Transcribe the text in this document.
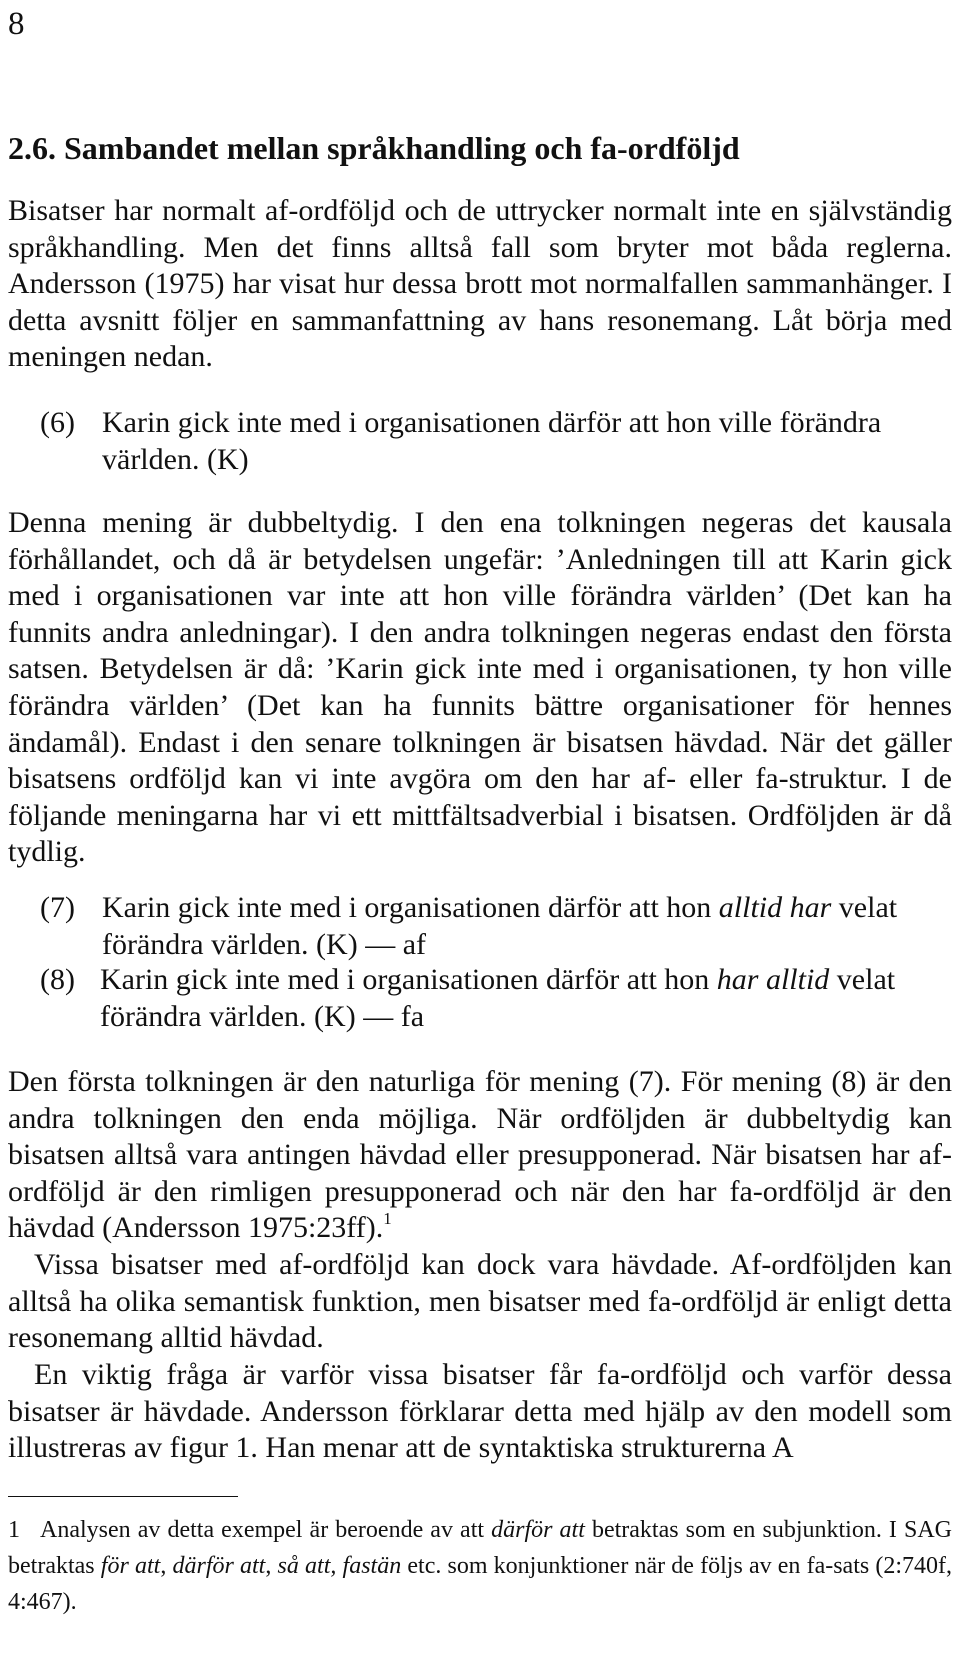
8
2.6. Sambandet mellan språkhandling och fa-ordföljd

Bisatser har normalt af-ordföljd och de uttrycker normalt inte en självständig språkhandling. Men det finns alltså fall som bryter mot båda reglerna. Andersson (1975) har visat hur dessa brott mot normalfallen sammanhänger. I detta avsnitt följer en sammanfattning av hans resonemang. Låt börja med meningen nedan.

(6) Karin gick inte med i organisationen därför att hon ville förändra världen. (K)

Denna mening är dubbeltydig. I den ena tolkningen negeras det kausala förhållandet, och då är betydelsen ungefär: ’Anledningen till att Karin gick med i organisationen var inte att hon ville förändra världen’ (Det kan ha funnits andra anledningar). I den andra tolkningen negeras endast den första satsen. Betydelsen är då: ’Karin gick inte med i organisationen, ty hon ville förändra världen’ (Det kan ha funnits bättre organisationer för hennes ändamål). Endast i den senare tolkningen är bisatsen hävdad. När det gäller bisatsens ordföljd kan vi inte avgöra om den har af- eller fa-struktur. I de följande meningarna har vi ett mittfältsadverbial i bisatsen. Ordföljden är då tydlig.

(7) Karin gick inte med i organisationen därför att hon alltid har velat förändra världen. (K) — af
(8) Karin gick inte med i organisationen därför att hon har alltid velat förändra världen. (K) — fa

Den första tolkningen är den naturliga för mening (7). För mening (8) är den andra tolkningen den enda möjliga. När ordföljden är dubbeltydig kan bisatsen alltså vara antingen hävdad eller presupponerad. När bisatsen har af-ordföljd är den rimligen presupponerad och när den har fa-ordföljd är den hävdad (Andersson 1975:23ff).$^1$

Vissa bisatser med af-ordföljd kan dock vara hävdade. Af-ordföljden kan alltså ha olika semantisk funktion, men bisatser med fa-ordföljd är enligt detta resonemang alltid hävdad.

En viktig fråga är varför vissa bisatser får fa-ordföljd och varför dessa bisatser är hävdade. Andersson förklarar detta med hjälp av den modell som illustreras av figur 1. Han menar att de syntaktiska strukturerna A

1 Analysen av detta exempel är beroende av att därför att betraktas som en subjunktion. I SAG betraktas för att, därför att, så att, fastän etc. som konjunktioner när de följs av en fa-sats (2:740f, 4:467).
